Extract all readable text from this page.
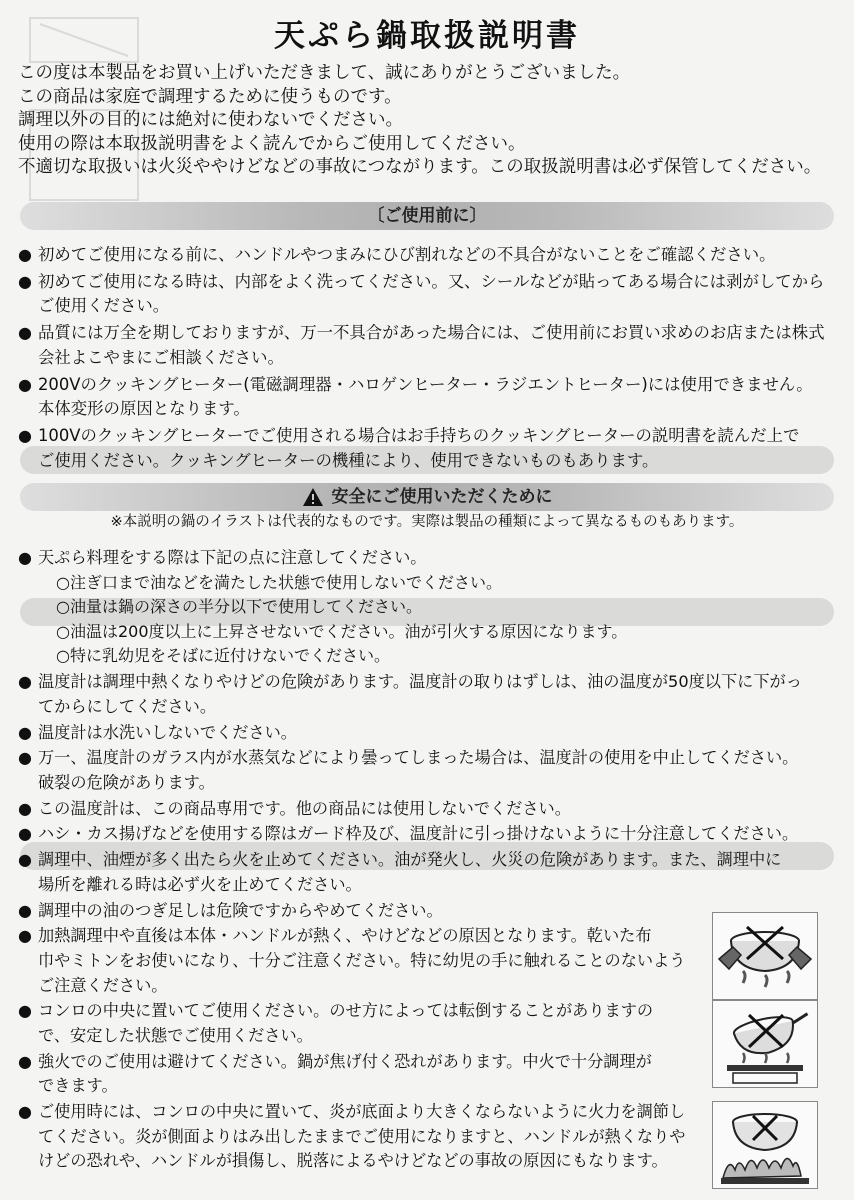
天ぷら鍋取扱説明書
この度は本製品をお買い上げいただきまして、誠にありがとうございました。
この商品は家庭で調理するために使うものです。
調理以外の目的には絶対に使わないでください。
使用の際は本取扱説明書をよく読んでからご使用してください。
不適切な取扱いは火災ややけどなどの事故につながります。この取扱説明書は必ず保管してください。
〔ご使用前に〕
● 初めてご使用になる前に、ハンドルやつまみにひび割れなどの不具合がないことをご確認ください。
● 初めてご使用になる時は、内部をよく洗ってください。又、シールなどが貼ってある場合には剥がしてから
ご使用ください。
● 品質には万全を期しておりますが、万一不具合があった場合には、ご使用前にお買い求めのお店または株式
会社よこやまにご相談ください。
● 200Vのクッキングヒーター(電磁調理器・ハロゲンヒーター・ラジエントヒーター)には使用できません。
本体変形の原因となります。
● 100Vのクッキングヒーターでご使用される場合はお手持ちのクッキングヒーターの説明書を読んだ上で
ご使用ください。クッキングヒーターの機種により、使用できないものもあります。
安全にご使用いただくために
※本説明の鍋のイラストは代表的なものです。実際は製品の種類によって異なるものもあります。
● 天ぷら料理をする際は下記の点に注意してください。
○注ぎ口まで油などを満たした状態で使用しないでください。
○油量は鍋の深さの半分以下で使用してください。
○油温は200度以上に上昇させないでください。油が引火する原因になります。
○特に乳幼児をそばに近付けないでください。
● 温度計は調理中熱くなりやけどの危険があります。温度計の取りはずしは、油の温度が50度以下に下がっ
てからにしてください。
● 温度計は水洗いしないでください。
● 万一、温度計のガラス内が水蒸気などにより曇ってしまった場合は、温度計の使用を中止してください。
破裂の危険があります。
● この温度計は、この商品専用です。他の商品には使用しないでください。
● ハシ・カス揚げなどを使用する際はガード枠及び、温度計に引っ掛けないように十分注意してください。
● 調理中、油煙が多く出たら火を止めてください。油が発火し、火災の危険があります。また、調理中に
場所を離れる時は必ず火を止めてください。
● 調理中の油のつぎ足しは危険ですからやめてください。
● 加熱調理中や直後は本体・ハンドルが熱く、やけどなどの原因となります。乾いた布
巾やミトンをお使いになり、十分ご注意ください。特に幼児の手に触れることのないよう
ご注意ください。
● コンロの中央に置いてご使用ください。のせ方によっては転倒することがありますの
で、安定した状態でご使用ください。
● 強火でのご使用は避けてください。鍋が焦げ付く恐れがあります。中火で十分調理が
できます。
● ご使用時には、コンロの中央に置いて、炎が底面より大きくならないように火力を調節し
てください。炎が側面よりはみ出したままでご使用になりますと、ハンドルが熱くなりや
けどの恐れや、ハンドルが損傷し、脱落によるやけどなどの事故の原因にもなります。
